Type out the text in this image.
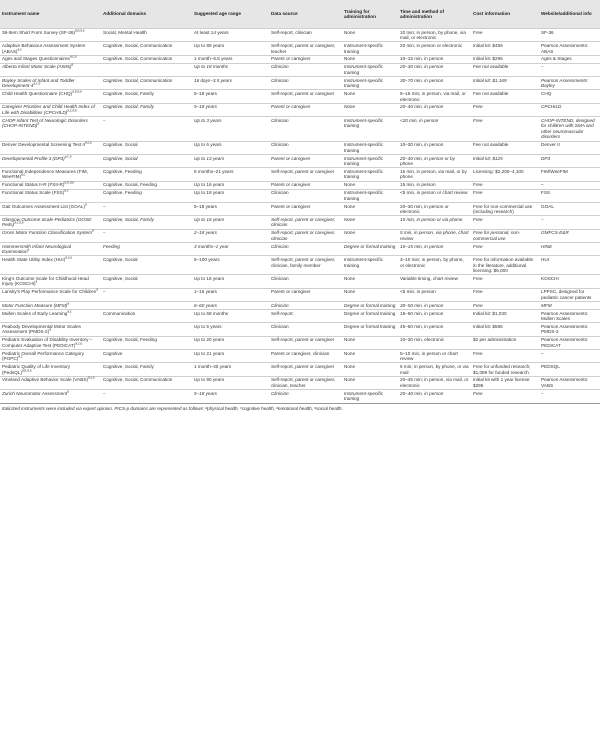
Instrument name	Additional domains	Suggested age range	Data source	Training for administration	Time and method of administration	Cost information	Website/additional info
36-Item Short Form Survey $(SF-36)^{a,b,d,e}$	Social, Mental Health	At least 14 years	Self-report, clinician	None	10 min; in person, by phone, via mail, or electronic	Free	SF-36
Adaptive Behaviour Assessment System (ABAS)$^{a,c}$	Cognitive, Social, Communication	Up to 89 years	Self-report, parent or caregiver, teacher	Instrument-specific training	20 min, in person or electronic	Initial kit: $456	Pearson Assessments: ABAS
Ages and Stages Questionnaires$^{a,c,e}$	Cognitive, Social, Communication	1 month–5.5 years	Parent or caregiver	None	10–15 min, in person	Initial kit: $295	Ages & Stages
Alberta Infant Motor Scale (AIMS)$^a$		Up to 18 months	Clinician	Instrument-specific training	20–30 min, in person	Fee not available	–
Bayley Scales of Infant and Toddler Development-4$^{a,c,e}$	Cognitive, Social, Communication	16 days–3.5 years	Clinician	Instrument-specific training	30–70 min, in person	Initial kit: $1,169	Pearson Assessments: Bayley
Child Health Questionnaire (CHQ)$^{a,b,d,e}$	Cognitive, Social, Family	5–18 years	Self-report, parent or caregiver	None	5–15 min; in person, via mail, or electronic	Fee not available	CHQ
Caregiver Priorities and Child Health Index of Life with Disabilities (CPCHILD)$^{a,c,d,e}$	Cognitive, Social, Family	5–18 years	Parent or caregiver	None	20–40 min, in person	Free	CPCHILD
CHOP Infant Test of Neurologic Disorders (CHOP-INTEND)$^a$	–	Up to 3 years	Clinician	Instrument-specific training	<20 min, in person	Free	CHOP-INTEND, designed for children with SMA and other neuromuscular disorders
Denver Developmental Screening Test II$^{a,c,e}$	Cognitive, Social	Up to 6 years	Clinician	Instrument-specific training	10–30 min, in person	Fee not available	Denver II
Developmental Profile 3 $(DP3)^{a,c,e}$	Cognitive, Social	Up to 13 years	Parent or caregiver	Instrument-specific training	20–40 min, in person or by phone	Initial kit: $125	DP3
Functional Independence Measures (FIM, WeeFIM)$^{a,c}$	Cognitive, Feeding	6 months–21 years	Self-report, parent or caregiver	Instrument-specific training	15 min, in person, via mail, or by phone	Licensing: $2,200–4,100	FIM/WeeFIM
Functional Status II-R (FSII-R)$^{a,b,d,e}$	Cognitive, Social, Feeding	Up to 16 years	Parent or caregiver	None	15 min, in person	Free	–
Functional Status Scale (FSS)$^{a,c}$	Cognitive, Feeding	Up to 18 years	Clinician	Instrument-specific training	<5 min, in person or chart review	Free	FSS
Gait Outcomes Assessment List (GOAL)$^a$	–	5–18 years	Parent or caregiver	None	20–30 min, in person or electronic	Free for non-commercial use (including research)	GOAL
Glasgow Outcome Scale-Pediatrics (GOSE-Peds)$^{a,c,d,e}$	Cognitive, Social, Family	Up to 16 years	Self-report, parent or caregiver, clinician	None	15 min, in person or via phone	Free	–
Gross Motor Function Classification System$^a$	–	2–18 years	Self-report, parent or caregiver, clinician	None	5 min, in person, via phone, chart review	Free for personal, non-commercial use	GMFCS-E&R
Hammersmith Infant Neurological Examination$^a$	Feeding	3 months–1 year	Clinician	Degree or formal training	10–15 min, in person	Free	HINE
Health State Utility Index (HUI)$^{a,c,e}$	Cognitive, Social	5–100 years	Self-report, parent or caregiver, clinician, family member	Instrument-specific training	3–10 min; in person, by phone, or electronic	Free for information available in the literature, additional licensing: $5,000	HUI
King's Outcome Scale for Childhood Head Injury (KOSCHI)$^a$	Cognitive, Social	Up to 16 years	Clinician	None	Variable timing, chart review	Free	KOSCHI
Lansky's Play Performance Scale for Children$^a$	–	1–16 years	Parent or caregiver	None	<5 min, in person	Free	LPPSC, designed for pediatric cancer patients
Motor Function Measure (MFM)$^a$		6–60 years	Clinician	Degree or formal training	30–50 min, in person	Free	MFM
Mullen Scales of Early Learning$^{a,c}$	Communication	Up to 68 months	Self-report	Degree or formal training	15–60 min, in person	Initial kit: $1,030	Pearson Assessments: Mullen Scales
Peabody Developmental Motor Scales Assessment (PMDS-2)$^a$		Up to 5 years	Clinician	Degree or formal training	45–60 min, in person	Initial kit: $585	Pearson Assessments: PMDS-2
Pediatric Evaluation of Disability Inventory – Computer Adaptive Test (PEDICAT)$^{a,c,e}$	Cognitive, Social, Feeding	Up to 20 years	Self-report, parent or caregiver	None	10–30 min, electronic	$2 per administration	Pearson Assessments: PEDICAT
Pediatric Overall Performance Category (POPC)$^{a,c}$	Cognitive	Up to 21 years	Parent or caregiver, clinician	None	5–10 min, in person or chart review	Free	–
Pediatric Quality of Life Inventory (PedsQL)$^{a,b,d,e}$	Cognitive, Social, Family	1 month–25 years	Self-report, parent or caregiver	None	6 min; in person, by phone, or via mail	Free for unfunded research; $1,089 for funded research	PEDSQL
Vineland Adaptive Behavior Scale (VABS)$^{a,c,e}$	Cognitive, Social, Communication	Up to 90 years	Self-report, parent or caregiver, clinician, teacher	None	20–45 min; in person, via mail, or electronic	Initial kit with 1 year license: $295	Pearson Assessments: VABS
Zurich Neuromotor Assessment$^a$	–	5–18 years	Clinician	Instrument-specific training	20–40 min, in person	Free	–
Italicized instruments were included via expert opinion. PICS-p domains are represented as follows: ᵃphysical health, ᶜcognitive health, ᵈemotional health, ᵉsocial health.
